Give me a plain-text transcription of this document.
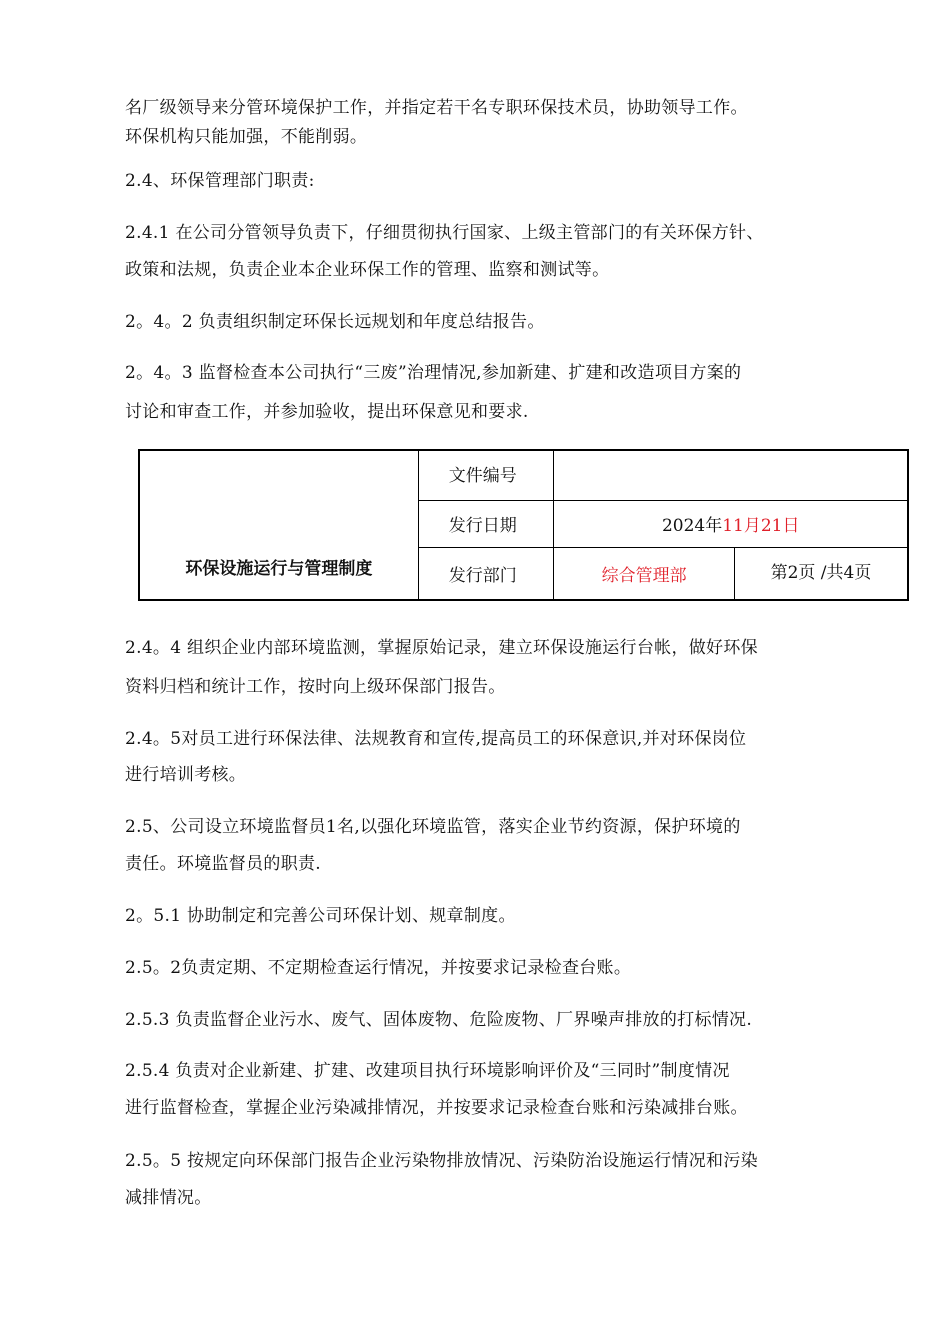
名厂级领导来分管环境保护工作，并指定若干名专职环保技术员，协助领导工作。

环保机构只能加强，不能削弱。

2.4、环保管理部门职责:

2.4.1 在公司分管领导负责下，仔细贯彻执行国家、上级主管部门的有关环保方针、

政策和法规，负责企业本企业环保工作的管理、监察和测试等。

2。4。2 负责组织制定环保长远规划和年度总结报告。

2。4。3 监督检查本公司执行“三废”治理情况,参加新建、扩建和改造项目方案的

讨论和审查工作，并参加验收，提出环保意见和要求.

环保设施运行与管理制度	文件编号		
	发行日期	2024年11月21日	
	发行部门	综合管理部	第2页 /共4页

2.4。4 组织企业内部环境监测，掌握原始记录，建立环保设施运行台帐，做好环保

资料归档和统计工作，按时向上级环保部门报告。

2.4。5对员工进行环保法律、法规教育和宣传,提高员工的环保意识,并对环保岗位

进行培训考核。

2.5、公司设立环境监督员1名,以强化环境监管，落实企业节约资源，保护环境的

责任。环境监督员的职责.

2。5.1 协助制定和完善公司环保计划、规章制度。

2.5。2负责定期、不定期检查运行情况，并按要求记录检查台账。

2.5.3 负责监督企业污水、废气、固体废物、危险废物、厂界噪声排放的打标情况.

2.5.4 负责对企业新建、扩建、改建项目执行环境影响评价及“三同时”制度情况

进行监督检查，掌握企业污染减排情况，并按要求记录检查台账和污染减排台账。

2.5。5 按规定向环保部门报告企业污染物排放情况、污染防治设施运行情况和污染

减排情况。
